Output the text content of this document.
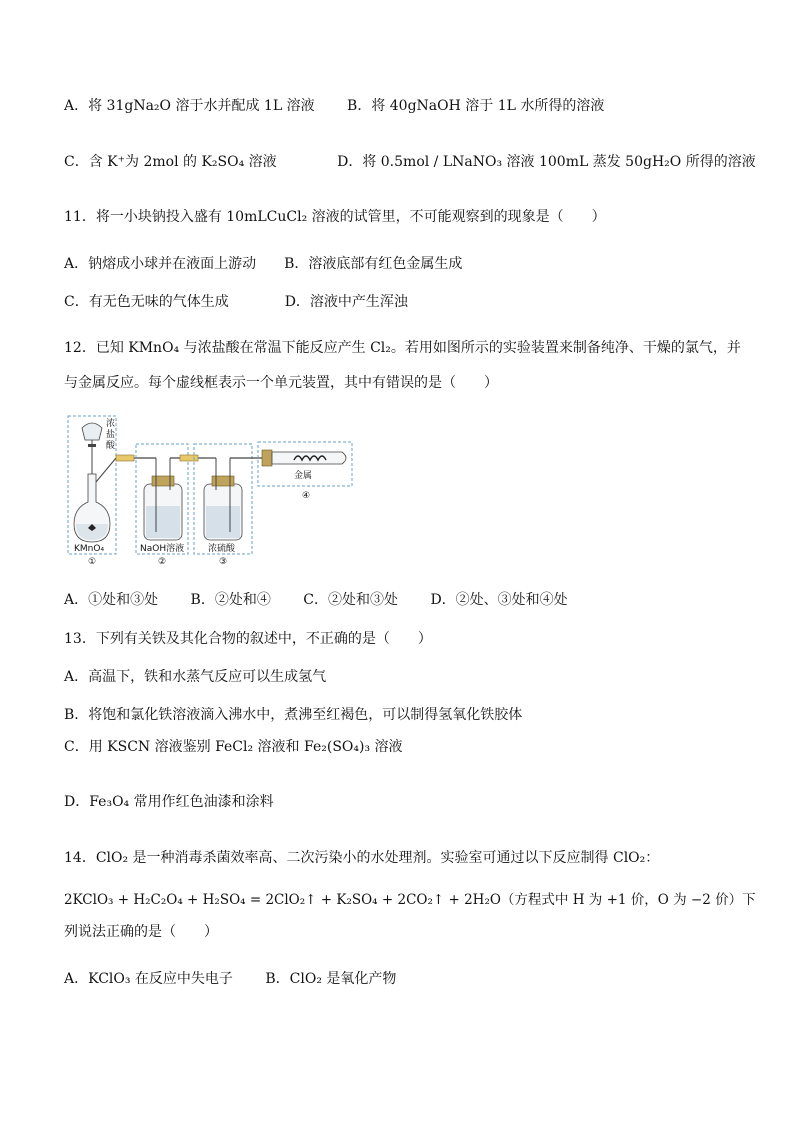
A．将 31gNa₂O 溶于水并配成 1L 溶液　　 B．将 40gNaOH 溶于 1L 水所得的溶液
C．含 K⁺为 2mol 的 K₂SO₄ 溶液　　　　 D．将 0.5mol / LNaNO₃ 溶液 100mL 蒸发 50gH₂O 所得的溶液
11．将一小块钠投入盛有 10mLCuCl₂ 溶液的试管里，不可能观察到的现象是（　　）
A．钠熔成小球并在液面上游动　　B．溶液底部有红色金属生成
C．有无色无味的气体生成　　　　D．溶液中产生浑浊
12．已知 KMnO₄ 与浓盐酸在常温下能反应产生 Cl₂。若用如图所示的实验装置来制备纯净、干燥的氯气，并
与金属反应。每个虚线框表示一个单元装置，其中有错误的是（　　）
浓
盐
酸
KMnO₄
①
NaOH溶液
②
浓硫酸
③
金属
④
A．①处和③处　　 B．②处和④　　 C．②处和③处　　 D．②处、③处和④处
13．下列有关铁及其化合物的叙述中，不正确的是（　　）
A．高温下，铁和水蒸气反应可以生成氢气
B．将饱和氯化铁溶液滴入沸水中，煮沸至红褐色，可以制得氢氧化铁胶体
C．用 KSCN 溶液鉴别 FeCl₂ 溶液和 Fe₂(SO₄)₃ 溶液
D．Fe₃O₄ 常用作红色油漆和涂料
14．ClO₂ 是一种消毒杀菌效率高、二次污染小的水处理剂。实验室可通过以下反应制得 ClO₂：
2KClO₃ + H₂C₂O₄ + H₂SO₄ = 2ClO₂↑ + K₂SO₄ + 2CO₂↑ + 2H₂O（方程式中 H 为 +1 价，O 为 −2 价）下
列说法正确的是（　　）
A．KClO₃ 在反应中失电子　　 B．ClO₂ 是氧化产物
